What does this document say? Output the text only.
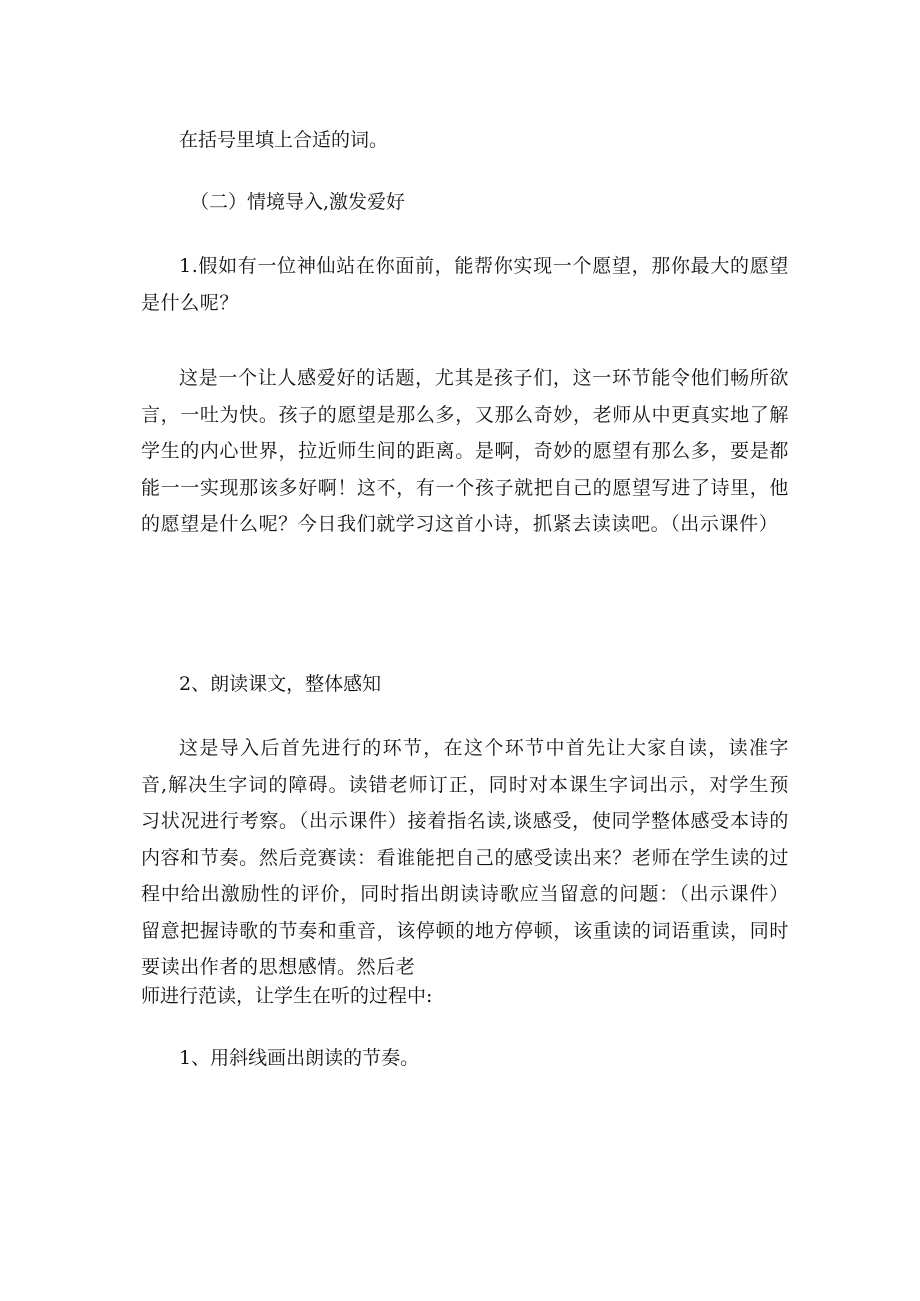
在括号里填上合适的词。
（二）情境导入,激发爱好
1.假如有一位神仙站在你面前，能帮你实现一个愿望，那你最大的愿望是什么呢？
这是一个让人感爱好的话题，尤其是孩子们，这一环节能令他们畅所欲言，一吐为快。孩子的愿望是那么多，又那么奇妙，老师从中更真实地了解学生的内心世界，拉近师生间的距离。是啊，奇妙的愿望有那么多，要是都能一一实现那该多好啊！这不，有一个孩子就把自己的愿望写进了诗里，他的愿望是什么呢？今日我们就学习这首小诗，抓紧去读读吧。（出示课件）
2、朗读课文，整体感知
这是导入后首先进行的环节，在这个环节中首先让大家自读，读准字音,解决生字词的障碍。读错老师订正，同时对本课生字词出示，对学生预习状况进行考察。（出示课件）接着指名读,谈感受，使同学整体感受本诗的内容和节奏。然后竞赛读：看谁能把自己的感受读出来？老师在学生读的过程中给出激励性的评价，同时指出朗读诗歌应当留意的问题：（出示课件）留意把握诗歌的节奏和重音，该停顿的地方停顿，该重读的词语重读，同时要读出作者的思想感情。然后老
师进行范读，让学生在听的过程中:
1、用斜线画出朗读的节奏。
